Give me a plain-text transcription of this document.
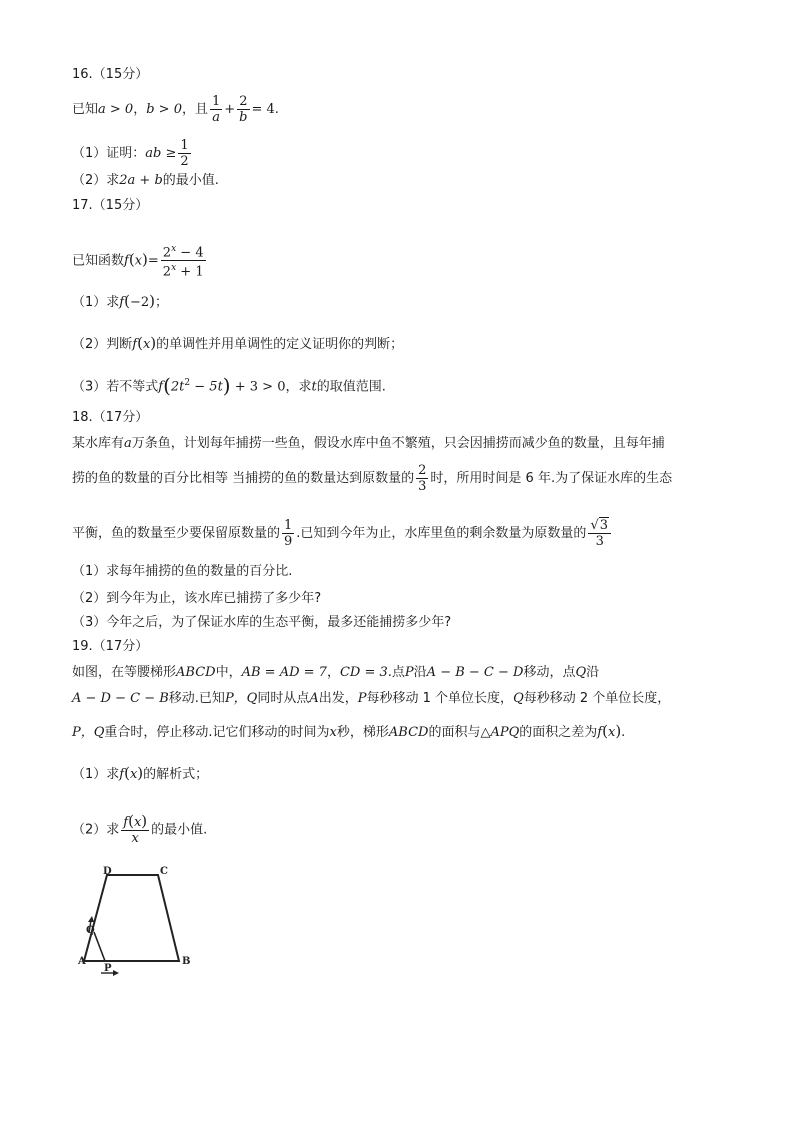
16.（15分）
已知a > 0，b > 0，且 $\frac{1}{a} + \frac{2}{b} = 4$.
（1）证明：ab ≥ $\frac{1}{2}$
（2）求2a + b的最小值.
17.（15分）
已知函数$f(x)= \frac{2^x - 4}{2^x + 1}$
（1）求f(−2)；
（2）判断f(x)的单调性并用单调性的定义证明你的判断；
（3）若不等式$f(2t^2 - 5t) + 3 > 0$，求t的取值范围.
18.（17分）
某水库有a万条鱼，计划每年捕捞一些鱼，假设水库中鱼不繁殖，只会因捕捞而减少鱼的数量，且每年捕
捞的鱼的数量的百分比相等 当捕捞的鱼的数量达到原数量的 $\frac{2}{3}$ 时，所用时间是 6 年.为了保证水库的生态
平衡，鱼的数量至少要保留原数量的 $\frac{1}{9}$ .已知到今年为止，水库里鱼的剩余数量为原数量的 $\frac{√3}{3}$
（1）求每年捕捞的鱼的数量的百分比.
（2）到今年为止，该水库已捕捞了多少年?
（3）今年之后，为了保证水库的生态平衡，最多还能捕捞多少年?
19.（17分）
如图，在等腰梯形ABCD中，AB = AD = 7，CD = 3.点P沿A − B − C − D移动，点Q沿
A − D − C − B移动.已知P，Q同时从点A出发，P每秒移动 1 个单位长度，Q每秒移动 2 个单位长度，
P，Q重合时，停止移动.记它们移动的时间为x秒，梯形ABCD的面积与△APQ的面积之差为f(x).
（1）求f(x)的解析式；
（2）求 $\frac{f(x)}{x}$ 的最小值.
D	C
Q
A
P
B
